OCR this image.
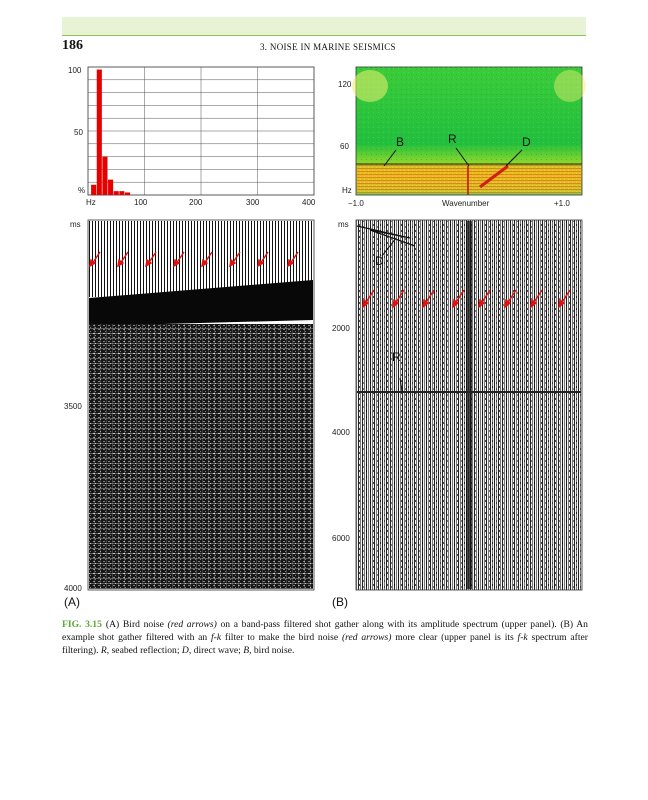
186	3. NOISE IN MARINE SEISMICS
100
50
%
Hz	100	200	300	400
120
60
Hz
−1.0	Wavenumber	+1.0
B	R	D
ms
3500
4000
(A)
ms
2000
4000
6000
D
R
(B)
FIG. 3.15 (A) Bird noise (red arrows) on a band-pass filtered shot gather along with its amplitude spectrum (upper panel). (B) An example shot gather filtered with an f-k filter to make the bird noise (red arrows) more clear (upper panel is its f-k spectrum after filtering). R, seabed reflection; D, direct wave; B, bird noise.
